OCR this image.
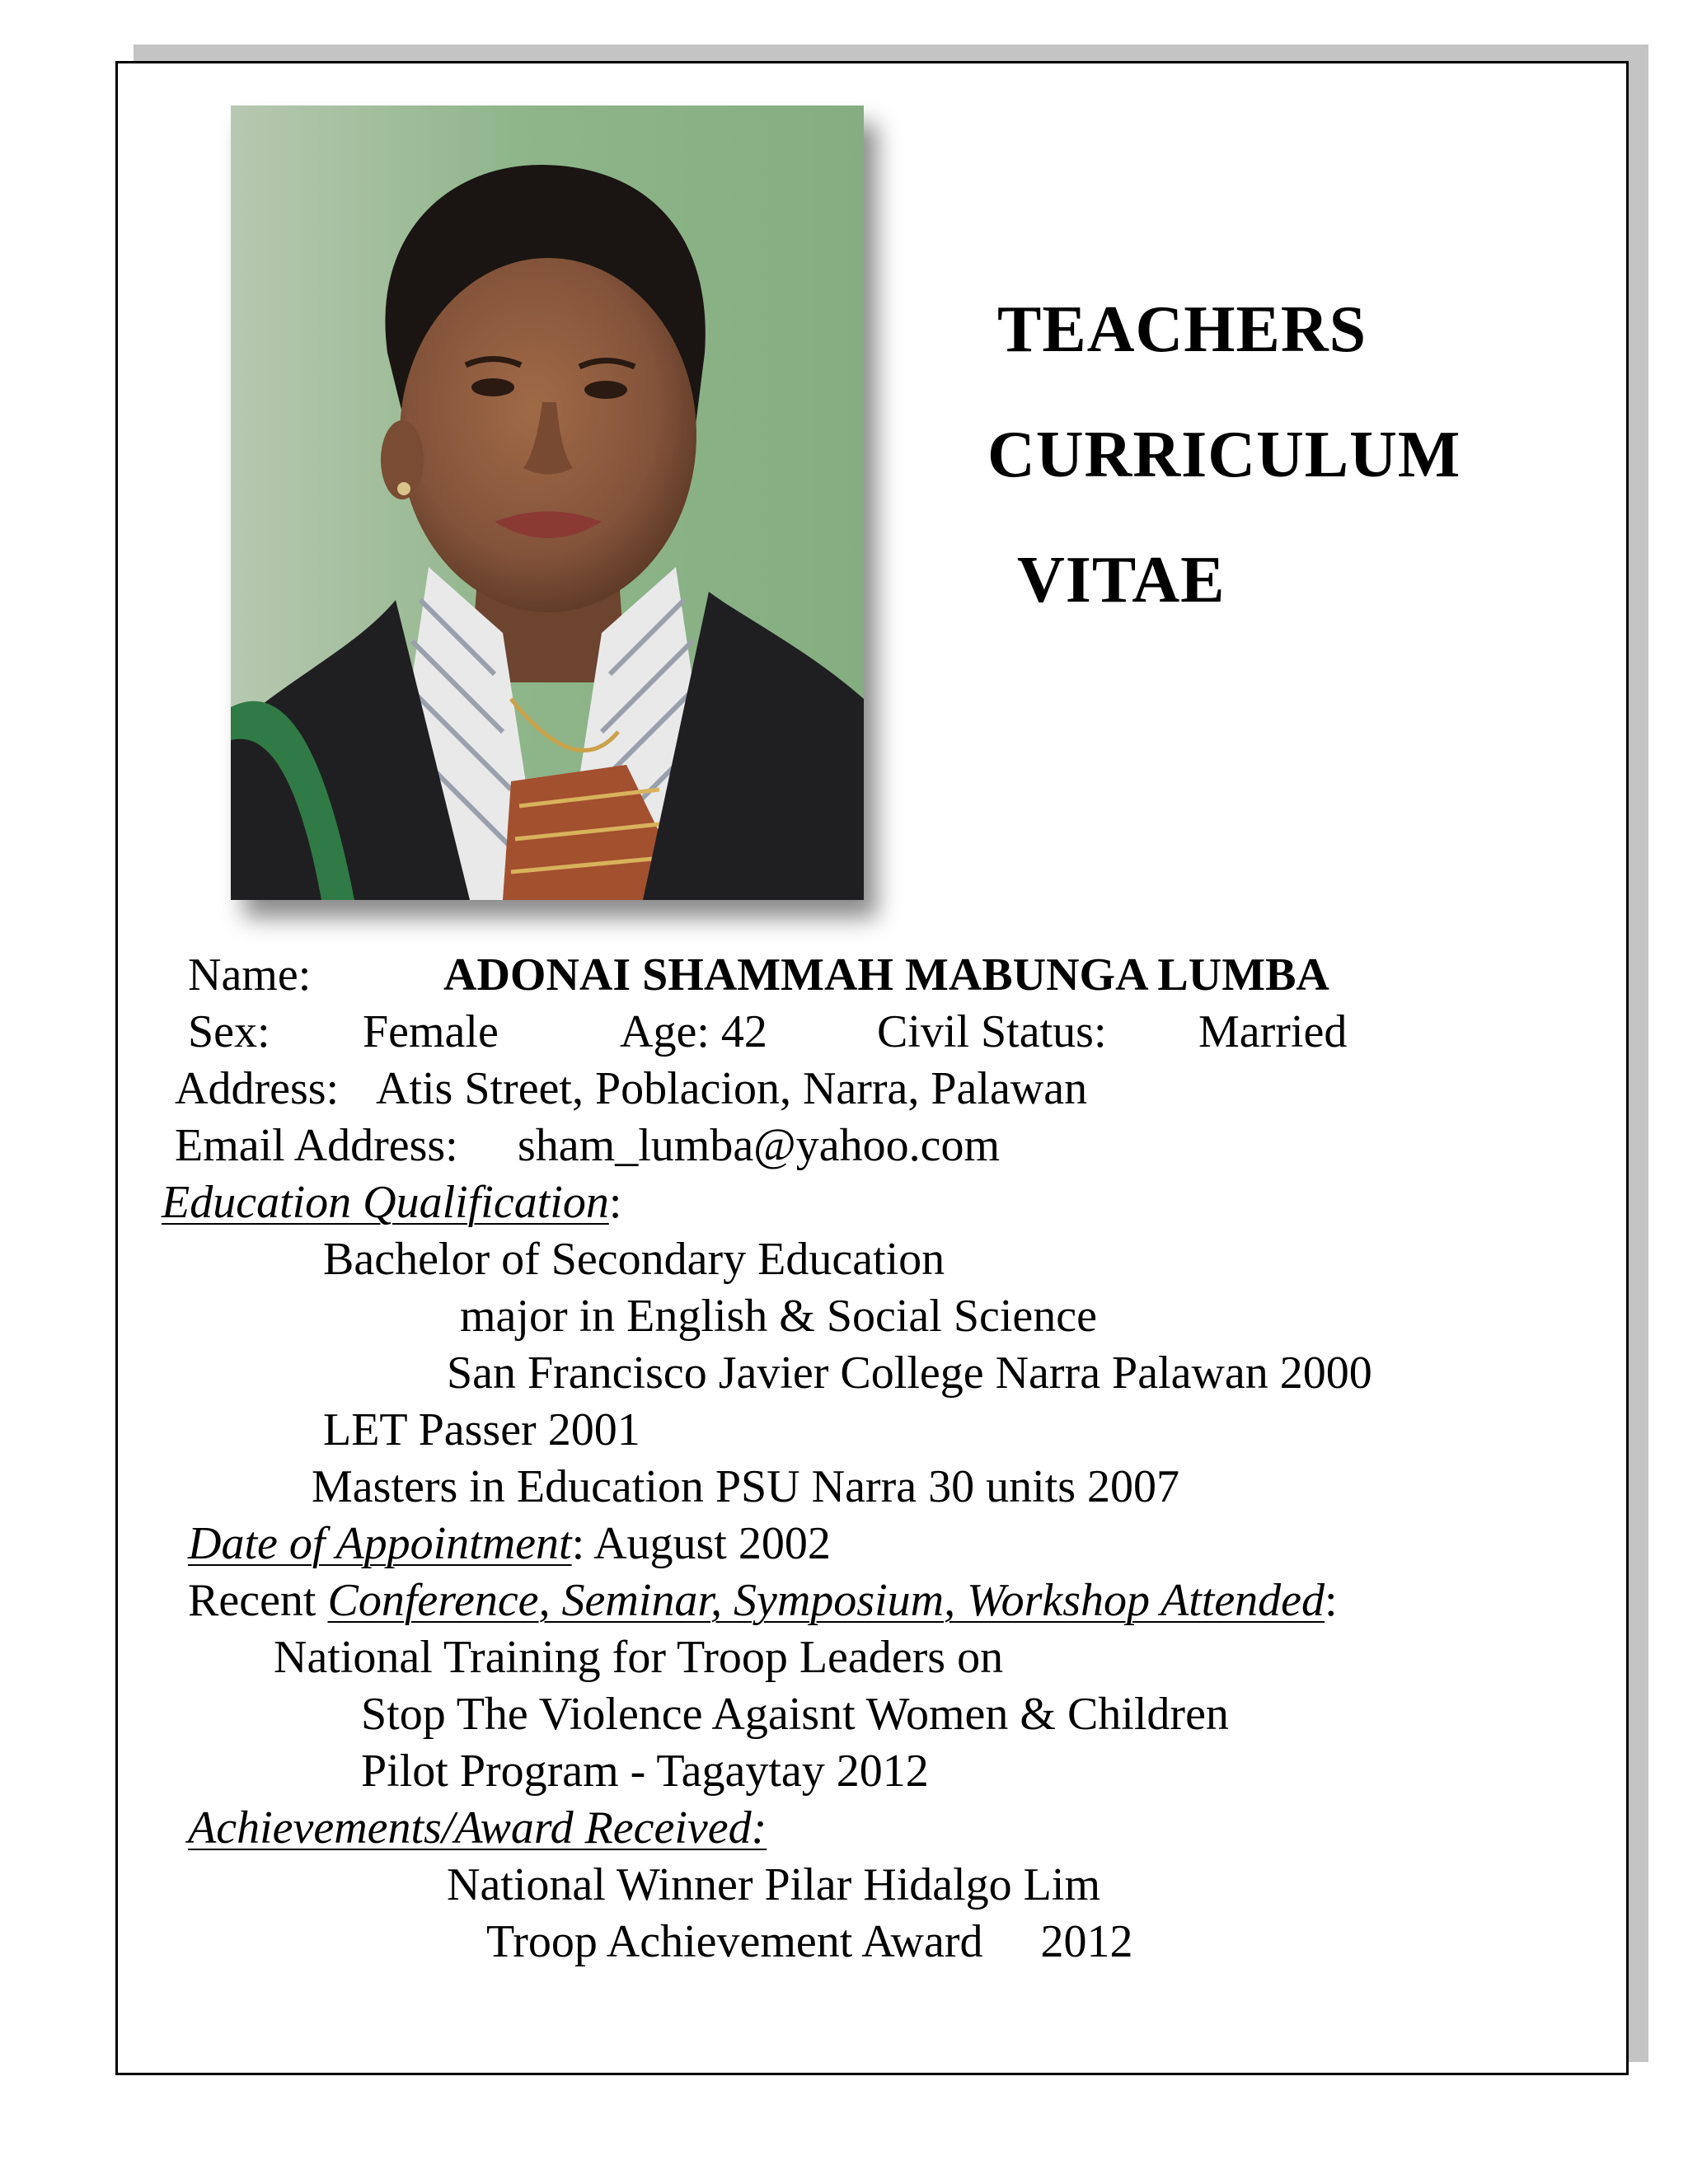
TEACHERS
CURRICULUM
VITAE
Name:	ADONAI SHAMMAH MABUNGA LUMBA
Sex: Female	Age: 42 Civil Status: Married
Address: Atis Street, Poblacion, Narra, Palawan
Email Address: sham_lumba@yahoo.com
Education Qualification:
Bachelor of Secondary Education
major in English & Social Science
San Francisco Javier College Narra Palawan 2000
LET Passer 2001
Masters in Education PSU Narra 30 units 2007
Date of Appointment: August 2002
Recent Conference, Seminar, Symposium, Workshop Attended:
National Training for Troop Leaders on
Stop The Violence Agaisnt Women & Children
Pilot Program - Tagaytay 2012
Achievements/Award Received:
National Winner Pilar Hidalgo Lim
Troop Achievement Award     2012
